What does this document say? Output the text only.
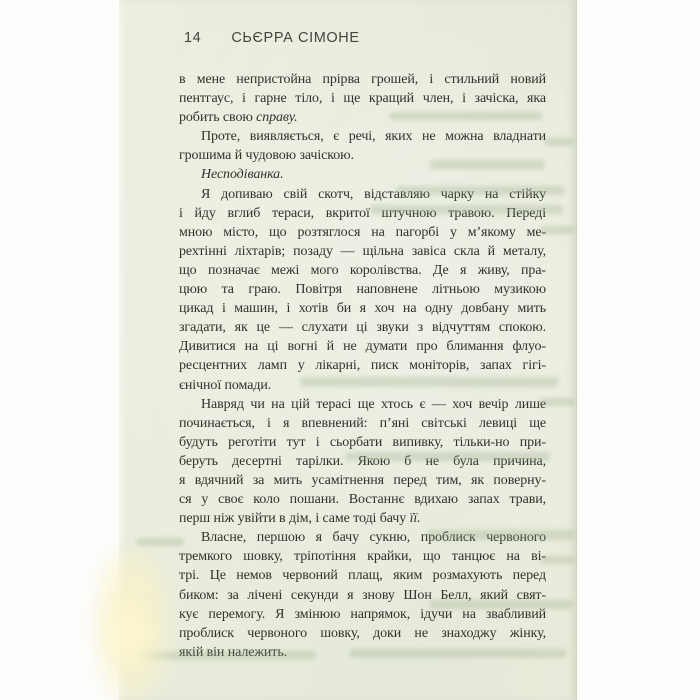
14 СЬЄРРА СІМОНЕ
в мене непристойна прірва грошей, і стильний новий
пентгаус, і гарне тіло, і ще кращий член, і зачіска, яка
робить свою справу.
Проте, виявляється, є речі, яких не можна владнати
грошима й чудовою зачіскою.
Несподіванка.
Я допиваю свій скотч, відставляю чарку на стійку
і йду вглиб тераси, вкритої штучною травою. Переді
мною місто, що розтяглося на пагорбі у м’якому ме-
рехтінні ліхтарів; позаду — щільна завіса скла й металу,
що позначає межі мого королівства. Де я живу, пра-
цюю та граю. Повітря наповнене літньою музикою
цикад і машин, і хотів би я хоч на одну довбану мить
згадати, як це — слухати ці звуки з відчуттям спокою.
Дивитися на ці вогні й не думати про блимання флуо-
ресцентних ламп у лікарні, писк моніторів, запах гігі-
єнічної помади.
Навряд чи на цій терасі ще хтось є — хоч вечір лише
починається, і я впевнений: п’яні світські левиці ще
будуть реготіти тут і сьорбати випивку, тільки-но при-
беруть десертні тарілки. Якою б не була причина,
я вдячний за мить усамітнення перед тим, як поверну-
ся у своє коло пошани. Востаннє вдихаю запах трави,
перш ніж увійти в дім, і саме тоді бачу її.
Власне, першою я бачу сукню, проблиск червоного
тремкого шовку, тріпотіння крайки, що танцює на ві-
трі. Це немов червоний плащ, яким розмахують перед
биком: за лічені секунди я знову Шон Белл, який свят-
кує перемогу. Я змінюю напрямок, ідучи на звабливий
проблиск червоного шовку, доки не знаходжу жінку,
якій він належить.
